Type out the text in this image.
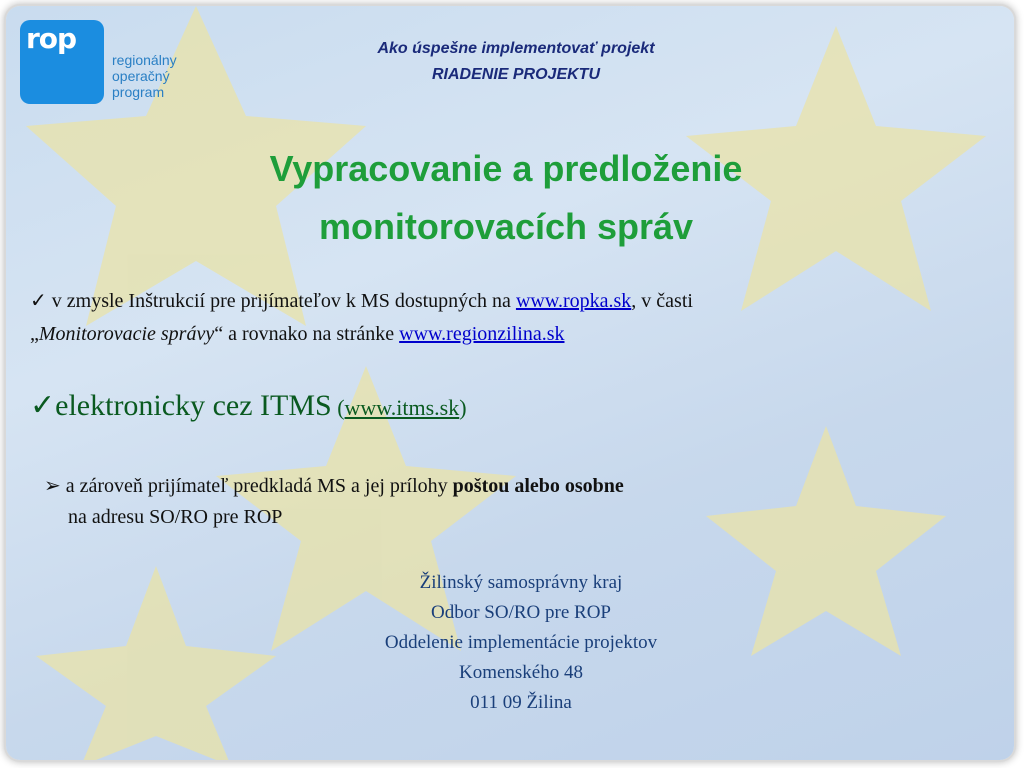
rop
regionálny
operačný
program
Ako úspešne implementovať projekt
RIADENIE PROJEKTU
Vypracovanie a predloženie
monitorovacích správ
✓ v zmysle Inštrukcií pre prijímateľov k MS dostupných na www.ropka.sk, v časti
„Monitorovacie správy“ a rovnako na stránke www.regionzilina.sk
✓elektronicky cez ITMS (www.itms.sk)
➢ a zároveň prijímateľ predkladá MS a jej prílohy poštou alebo osobne
na adresu SO/RO pre ROP
Žilinský samosprávny kraj
Odbor SO/RO pre ROP
Oddelenie implementácie projektov
Komenského 48
011 09 Žilina
